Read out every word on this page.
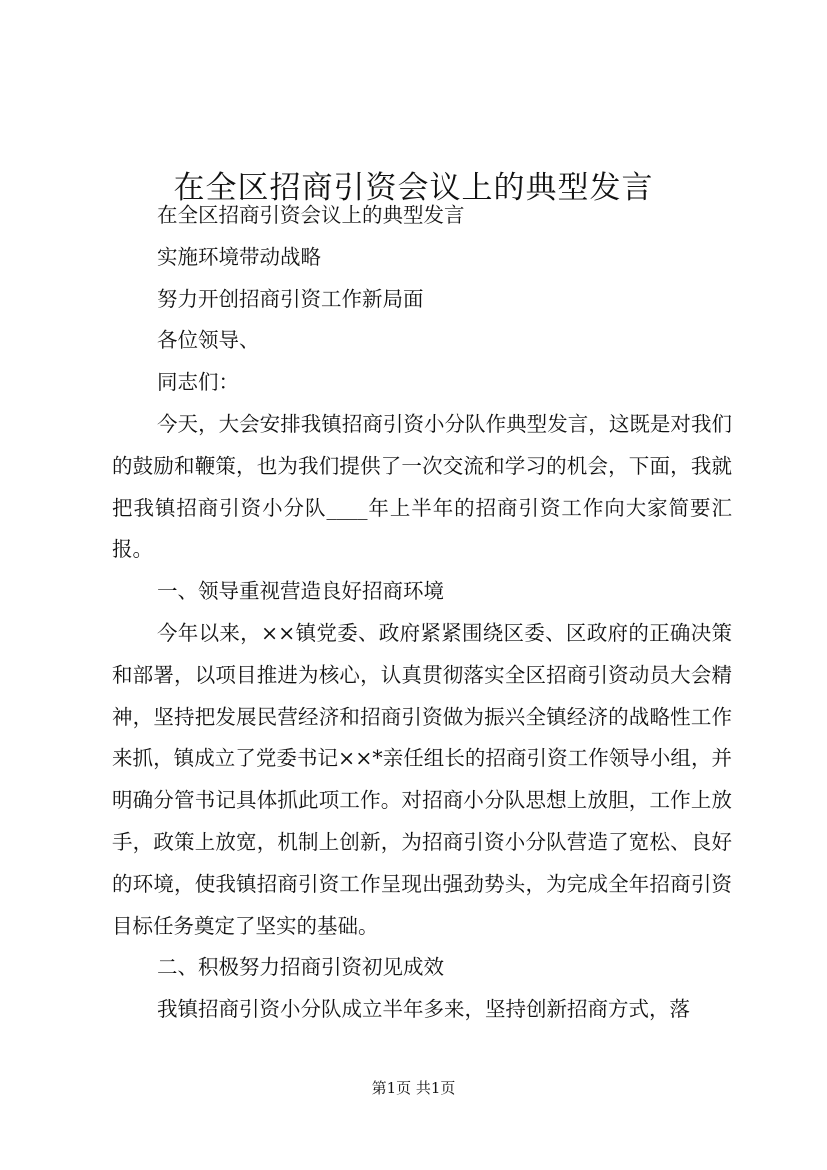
在全区招商引资会议上的典型发言

在全区招商引资会议上的典型发言

实施环境带动战略

努力开创招商引资工作新局面

各位领导、

同志们：

今天，大会安排我镇招商引资小分队作典型发言，这既是对我们的鼓励和鞭策，也为我们提供了一次交流和学习的机会，下面，我就把我镇招商引资小分队____年上半年的招商引资工作向大家简要汇报。

一、领导重视营造良好招商环境

今年以来，××镇党委、政府紧紧围绕区委、区政府的正确决策和部署，以项目推进为核心，认真贯彻落实全区招商引资动员大会精神，坚持把发展民营经济和招商引资做为振兴全镇经济的战略性工作来抓，镇成立了党委书记××*亲任组长的招商引资工作领导小组，并明确分管书记具体抓此项工作。对招商小分队思想上放胆，工作上放手，政策上放宽，机制上创新，为招商引资小分队营造了宽松、良好的环境，使我镇招商引资工作呈现出强劲势头，为完成全年招商引资目标任务奠定了坚实的基础。

二、积极努力招商引资初见成效

我镇招商引资小分队成立半年多来，坚持创新招商方式，落

第1页 共1页
